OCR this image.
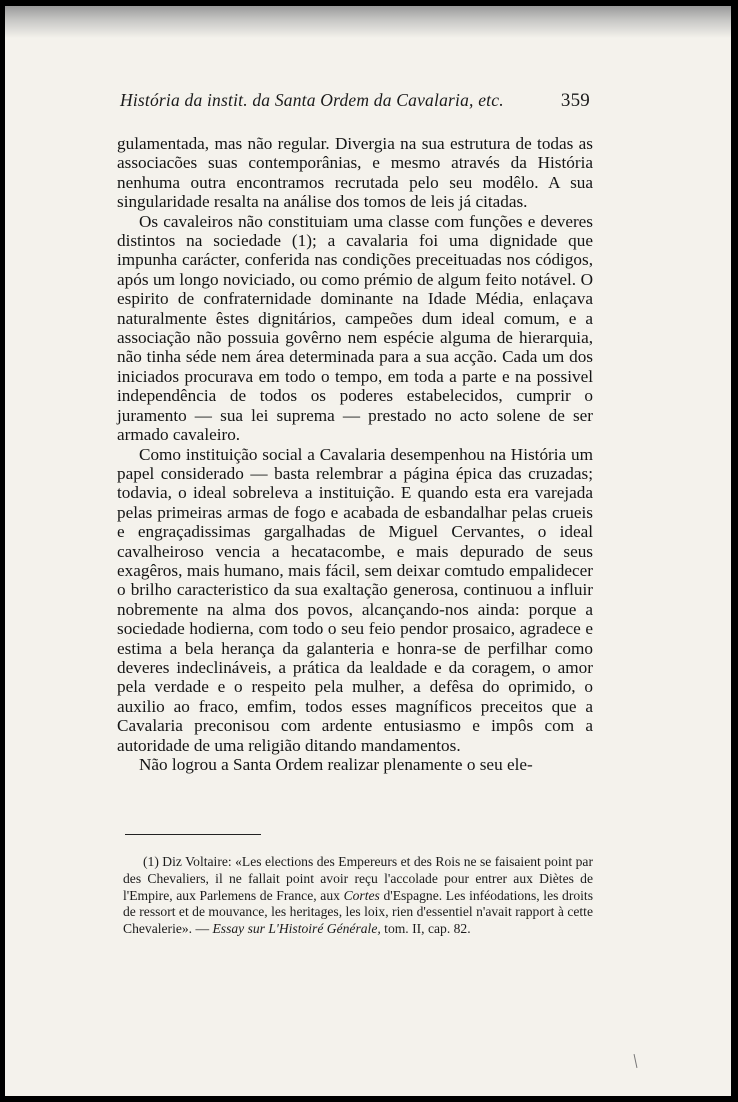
História da instit. da Santa Ordem da Cavalaria, etc.	359

gulamentada, mas não regular. Divergia na sua estrutura de todas as associacões suas contemporânias, e mesmo através da História nenhuma outra encontramos recrutada pelo seu modêlo. A sua singularidade resalta na análise dos tomos de leis já citadas.

Os cavaleiros não constituiam uma classe com funções e deveres distintos na sociedade (1); a cavalaria foi uma dignidade que impunha carácter, conferida nas condições preceituadas nos códigos, após um longo noviciado, ou como prémio de algum feito notável. O espirito de confraternidade dominante na Idade Média, enlaçava naturalmente êstes dignitários, campeões dum ideal comum, e a associação não possuia govêrno nem espécie alguma de hierarquia, não tinha séde nem área determinada para a sua acção. Cada um dos iniciados procurava em todo o tempo, em toda a parte e na possivel independência de todos os poderes estabelecidos, cumprir o juramento — sua lei suprema — prestado no acto solene de ser armado cavaleiro.

Como instituição social a Cavalaria desempenhou na História um papel considerado — basta relembrar a página épica das cruzadas; todavia, o ideal sobreleva a instituição. E quando esta era varejada pelas primeiras armas de fogo e acabada de esbandalhar pelas crueis e engraçadissimas gargalhadas de Miguel Cervantes, o ideal cavalheiroso vencia a hecatacombe, e mais depurado de seus exagêros, mais humano, mais fácil, sem deixar comtudo empalidecer o brilho caracteristico da sua exaltação generosa, continuou a influir nobremente na alma dos povos, alcançando-nos ainda: porque a sociedade hodierna, com todo o seu feio pendor prosaico, agradece e estima a bela herança da galanteria e honra-se de perfilhar como deveres indeclináveis, a prática da lealdade e da coragem, o amor pela verdade e o respeito pela mulher, a defêsa do oprimido, o auxilio ao fraco, emfim, todos esses magníficos preceitos que a Cavalaria preconisou com ardente entusiasmo e impôs com a autoridade de uma religião ditando mandamentos.

Não logrou a Santa Ordem realizar plenamente o seu ele-

(1) Diz Voltaire: «Les elections des Empereurs et des Rois ne se faisaient point par des Chevaliers, il ne fallait point avoir reçu l'accolade pour entrer aux Diètes de l'Empire, aux Parlemens de France, aux Cortes d'Espagne. Les inféodations, les droits de ressort et de mouvance, les heritages, les loix, rien d'essentiel n'avait rapport à cette Chevalerie». — Essay sur L'Histoiré Générale, tom. II, cap. 82.
